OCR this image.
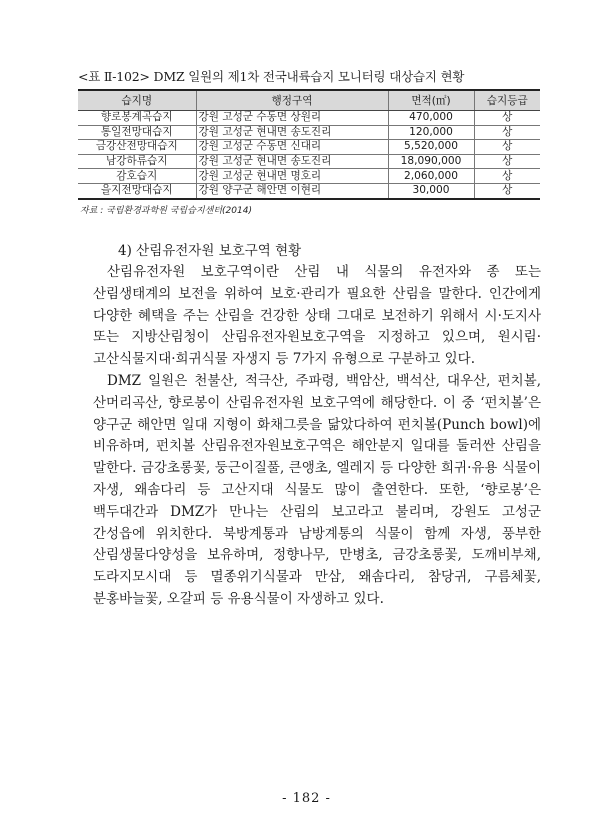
<표 Ⅱ-102> DMZ 일원의 제1차 전국내륙습지 모니터링 대상습지 현황
습지명	행정구역	면적(㎡)	습지등급
향로봉계곡습지	강원 고성군 수동면 상원리	470,000	상
통일전망대습지	강원 고성군 현내면 송도진리	120,000	상
금강산전망대습지	강원 고성군 수동면 신대리	5,520,000	상
남강하류습지	강원 고성군 현내면 송도진리	18,090,000	상
감호습지	강원 고성군 현내면 명호리	2,060,000	상
을지전망대습지	강원 양구군 해안면 이현리	30,000	상
자료 : 국립환경과학원 국립습지센터(2014)
4) 산림유전자원 보호구역 현황
산림유전자원 보호구역이란 산림 내 식물의 유전자와 종 또는 산림생태계의 보전을 위하여 보호·관리가 필요한 산림을 말한다. 인간에게 다양한 혜택을 주는 산림을 건강한 상태 그대로 보전하기 위해서 시·도지사 또는 지방산림청이 산림유전자원보호구역을 지정하고 있으며, 원시림·고산식물지대·희귀식물 자생지 등 7가지 유형으로 구분하고 있다.
DMZ 일원은 천불산, 적극산, 주파령, 백암산, 백석산, 대우산, 펀치볼, 산머리곡산, 향로봉이 산림유전자원 보호구역에 해당한다. 이 중 ‘펀치볼’은 양구군 해안면 일대 지형이 화채그릇을 닮았다하여 펀치볼(Punch bowl)에 비유하며, 펀치볼 산림유전자원보호구역은 해안분지 일대를 둘러싼 산림을 말한다. 금강초롱꽃, 둥근이질풀, 큰앵초, 엘레지 등 다양한 희귀·유용 식물이 자생, 왜솜다리 등 고산지대 식물도 많이 출연한다. 또한, ‘향로봉’은 백두대간과 DMZ가 만나는 산림의 보고라고 불리며, 강원도 고성군 간성읍에 위치한다. 북방계통과 남방계통의 식물이 함께 자생, 풍부한 산림생물다양성을 보유하며, 정향나무, 만병초, 금강초롱꽃, 도깨비부채, 도라지모시대 등 멸종위기식물과 만삼, 왜솜다리, 참당귀, 구름체꽃, 분홍바늘꽃, 오갈피 등 유용식물이 자생하고 있다.
- 182 -
